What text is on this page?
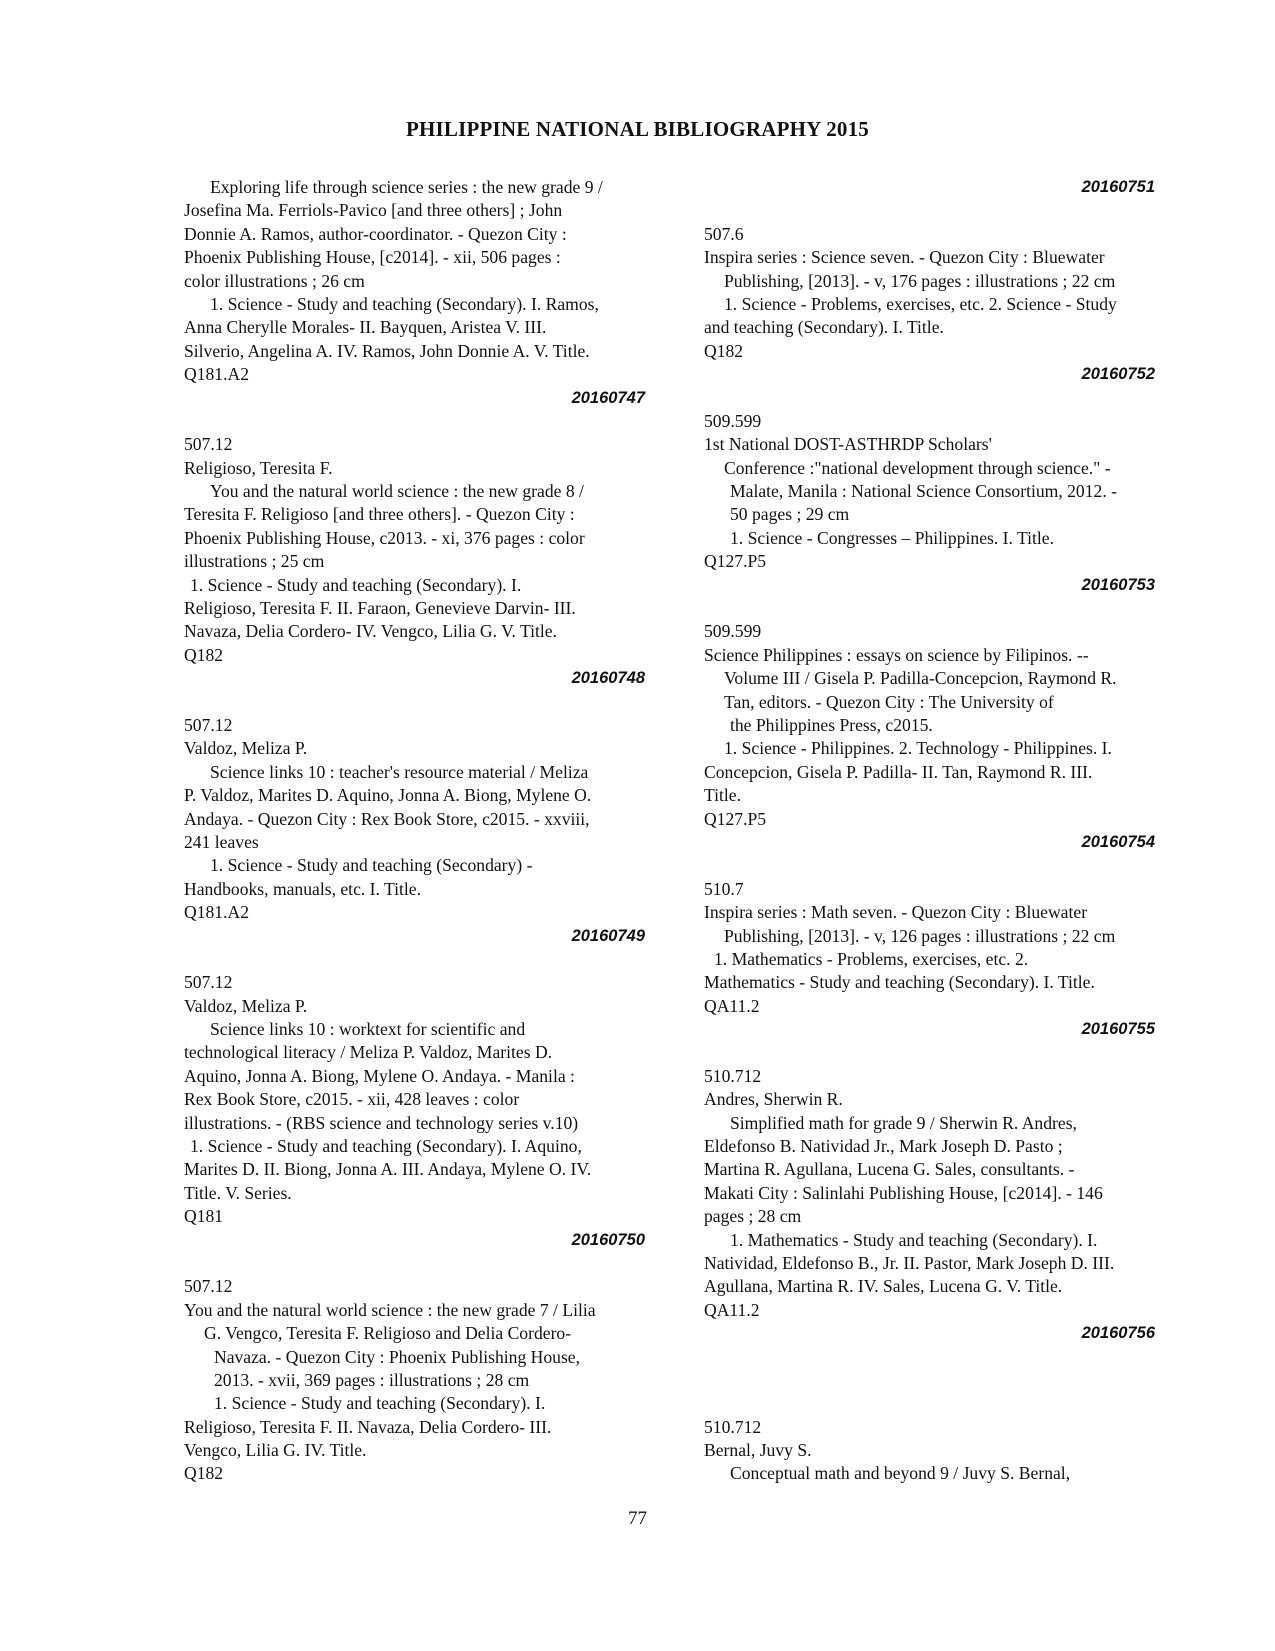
PHILIPPINE NATIONAL BIBLIOGRAPHY 2015
Exploring life through science series : the new grade 9 /
Josefina Ma. Ferriols-Pavico [and three others] ; John
Donnie A. Ramos, author-coordinator. - Quezon City :
Phoenix Publishing House, [c2014]. - xii, 506 pages :
color illustrations ; 26 cm
1. Science - Study and teaching (Secondary). I. Ramos,
Anna Cherylle Morales- II. Bayquen, Aristea V. III.
Silverio, Angelina A. IV. Ramos, John Donnie A. V. Title.
Q181.A2
20160747
507.12
Religioso, Teresita F.
You and the natural world science : the new grade 8 /
Teresita F. Religioso [and three others]. - Quezon City :
Phoenix Publishing House, c2013. - xi, 376 pages : color
illustrations ; 25 cm
1. Science - Study and teaching (Secondary). I.
Religioso, Teresita F. II. Faraon, Genevieve Darvin- III.
Navaza, Delia Cordero- IV. Vengco, Lilia G. V. Title.
Q182
20160748
507.12
Valdoz, Meliza P.
Science links 10 : teacher's resource material / Meliza
P. Valdoz, Marites D. Aquino, Jonna A. Biong, Mylene O.
Andaya. - Quezon City : Rex Book Store, c2015. - xxviii,
241 leaves
1. Science - Study and teaching (Secondary) -
Handbooks, manuals, etc. I. Title.
Q181.A2
20160749
507.12
Valdoz, Meliza P.
Science links 10 : worktext for scientific and
technological literacy / Meliza P. Valdoz, Marites D.
Aquino, Jonna A. Biong, Mylene O. Andaya. - Manila :
Rex Book Store, c2015. - xii, 428 leaves : color
illustrations. - (RBS science and technology series v.10)
1. Science - Study and teaching (Secondary). I. Aquino,
Marites D. II. Biong, Jonna A. III. Andaya, Mylene O. IV.
Title. V. Series.
Q181
20160750
507.12
You and the natural world science : the new grade 7 / Lilia
G. Vengco, Teresita F. Religioso and Delia Cordero-
Navaza. - Quezon City : Phoenix Publishing House,
2013. - xvii, 369 pages : illustrations ; 28 cm
1. Science - Study and teaching (Secondary). I.
Religioso, Teresita F. II. Navaza, Delia Cordero- III.
Vengco, Lilia G. IV. Title.
Q182
20160751
507.6
Inspira series : Science seven. - Quezon City : Bluewater
Publishing, [2013]. - v, 176 pages : illustrations ; 22 cm
1. Science - Problems, exercises, etc. 2. Science - Study
and teaching (Secondary). I. Title.
Q182
20160752
509.599
1st National DOST-ASTHRDP Scholars'
Conference :"national development through science." -
Malate, Manila : National Science Consortium, 2012. -
50 pages ; 29 cm
1. Science - Congresses – Philippines. I. Title.
Q127.P5
20160753
509.599
Science Philippines : essays on science by Filipinos. --
Volume III / Gisela P. Padilla-Concepcion, Raymond R.
Tan, editors. - Quezon City : The University of
the Philippines Press, c2015.
1. Science - Philippines. 2. Technology - Philippines. I.
Concepcion, Gisela P. Padilla- II. Tan, Raymond R. III.
Title.
Q127.P5
20160754
510.7
Inspira series : Math seven. - Quezon City : Bluewater
Publishing, [2013]. - v, 126 pages : illustrations ; 22 cm
1. Mathematics - Problems, exercises, etc. 2.
Mathematics - Study and teaching (Secondary). I. Title.
QA11.2
20160755
510.712
Andres, Sherwin R.
Simplified math for grade 9 / Sherwin R. Andres,
Eldefonso B. Natividad Jr., Mark Joseph D. Pasto ;
Martina R. Agullana, Lucena G. Sales, consultants. -
Makati City : Salinlahi Publishing House, [c2014]. - 146
pages ; 28 cm
1. Mathematics - Study and teaching (Secondary). I.
Natividad, Eldefonso B., Jr. II. Pastor, Mark Joseph D. III.
Agullana, Martina R. IV. Sales, Lucena G. V. Title.
QA11.2
20160756
510.712
Bernal, Juvy S.
Conceptual math and beyond 9 / Juvy S. Bernal,
77
